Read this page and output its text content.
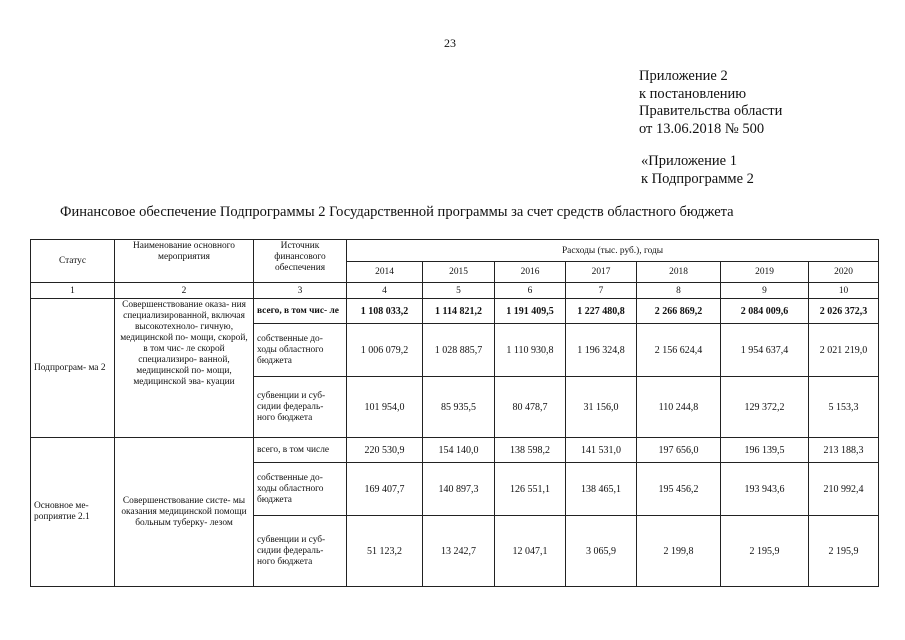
23
Приложение 2
к постановлению
Правительства области
от 13.06.2018 № 500
«Приложение 1
к Подпрограмме 2
Финансовое обеспечение Подпрограммы 2 Государственной программы за счет средств областного бюджета
Статус	Наименование основного мероприятия	Источник финансового обеспечения	Расходы (тыс. руб.), годы						
			2014	2015	2016	2017	2018	2019	2020
1	2	3	4	5	6	7	8	9	10
Подпрограм- ма 2	Совершенствование оказа- ния специализированной, включая высокотехноло- гичную, медицинской по- мощи, скорой, в том чис- ле скорой специализиро- ванной, медицинской по- мощи, медицинской эва- куации	всего, в том чис- ле	1 108 033,2	1 114 821,2	1 191 409,5	1 227 480,8	2 266 869,2	2 084 009,6	2 026 372,3
		собственные до- ходы областного бюджета	1 006 079,2	1 028 885,7	1 110 930,8	1 196 324,8	2 156 624,4	1 954 637,4	2 021 219,0
		субвенции и суб- сидии федераль- ного бюджета	101 954,0	85 935,5	80 478,7	31 156,0	110 244,8	129 372,2	5 153,3
Основное ме- роприятие 2.1	Совершенствование систе- мы оказания медицинской помощи больным туберку- лезом	всего, в том числе	220 530,9	154 140,0	138 598,2	141 531,0	197 656,0	196 139,5	213 188,3
		собственные до- ходы областного бюджета	169 407,7	140 897,3	126 551,1	138 465,1	195 456,2	193 943,6	210 992,4
		субвенции и суб- сидии федераль- ного бюджета	51 123,2	13 242,7	12 047,1	3 065,9	2 199,8	2 195,9	2 195,9
